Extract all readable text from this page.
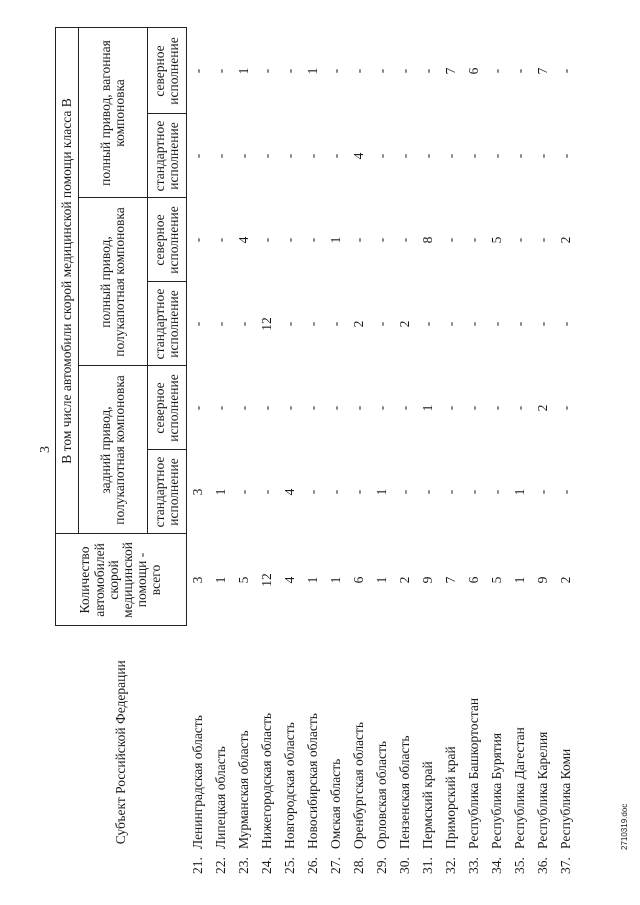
3
Субъект Российской Федерации		Количество автомобилей скорой медицинской помощи - всего	В том числе автомобили скорой медицинской помощи класса В					
			задний привод, полукапотная компоновка		полный привод, полукапотная компоновка		полный привод, вагонная компоновка	
			стандартное исполнение	северное исполнение	стандартное исполнение	северное исполнение	стандартное исполнение	северное исполнение
21.	Ленинградская область	3	3	-	-	-	-	-
22.	Липецкая область	1	1	-	-	-	-	-
23.	Мурманская область	5	-	-	-	4	-	1
24.	Нижегородская область	12	-	-	12	-	-	-
25.	Новгородская область	4	4	-	-	-	-	-
26.	Новосибирская область	1	-	-	-	-	-	1
27.	Омская область	1	-	-	-	1	-	-
28.	Оренбургская область	6	-	-	2	-	4	-
29.	Орловская область	1	1	-	-	-	-	-
30.	Пензенская область	2	-	-	2	-	-	-
31.	Пермский край	9	-	1	-	8	-	-
32.	Приморский край	7	-	-	-	-	-	7
33.	Республика Башкортостан	6	-	-	-	-	-	6
34.	Республика Бурятия	5	-	-	-	5	-	-
35.	Республика Дагестан	1	1	-	-	-	-	-
36.	Республика Карелия	9	-	2	-	-	-	7
37.	Республика Коми	2	-	-	-	2	-	-
2710319.doc
